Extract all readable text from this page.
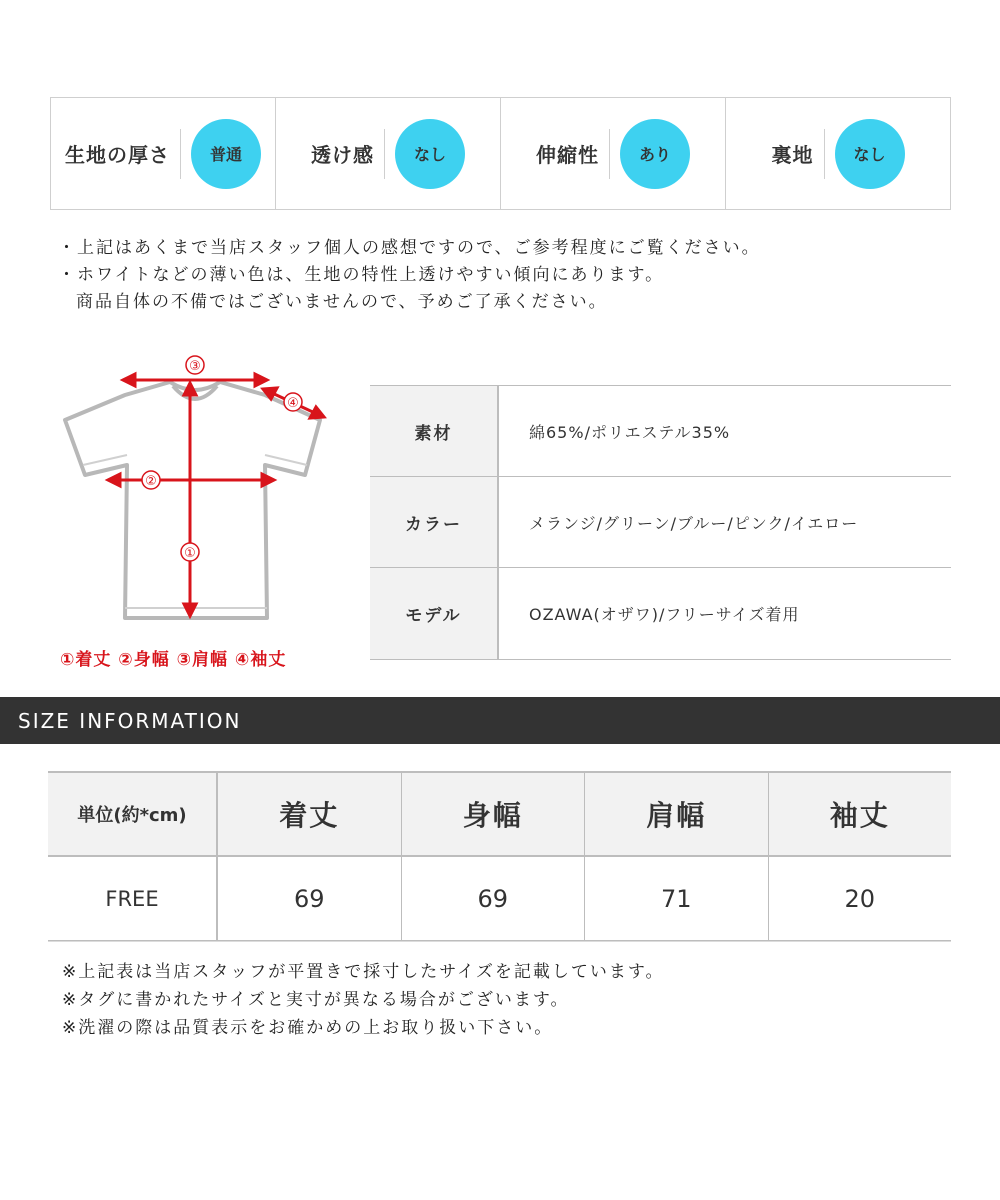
生地の厚さ	普通	透け感	なし	伸縮性	あり	裏地	なし
・上記はあくまで当店スタッフ個人の感想ですので、ご参考程度にご覧ください。
・ホワイトなどの薄い色は、生地の特性上透けやすい傾向にあります。
商品自体の不備ではございませんので、予めご了承ください。
③
④
②
①
①着丈 ②身幅 ③肩幅 ④袖丈
素材	綿65%/ポリエステル35%
カラー	メランジ/グリーン/ブルー/ピンク/イエロー
モデル	OZAWA(オザワ)/フリーサイズ着用
SIZE INFORMATION
単位(約*cm)	着丈	身幅	肩幅	袖丈
FREE	69	69	71	20
※上記表は当店スタッフが平置きで採寸したサイズを記載しています。
※タグに書かれたサイズと実寸が異なる場合がございます。
※洗濯の際は品質表示をお確かめの上お取り扱い下さい。
